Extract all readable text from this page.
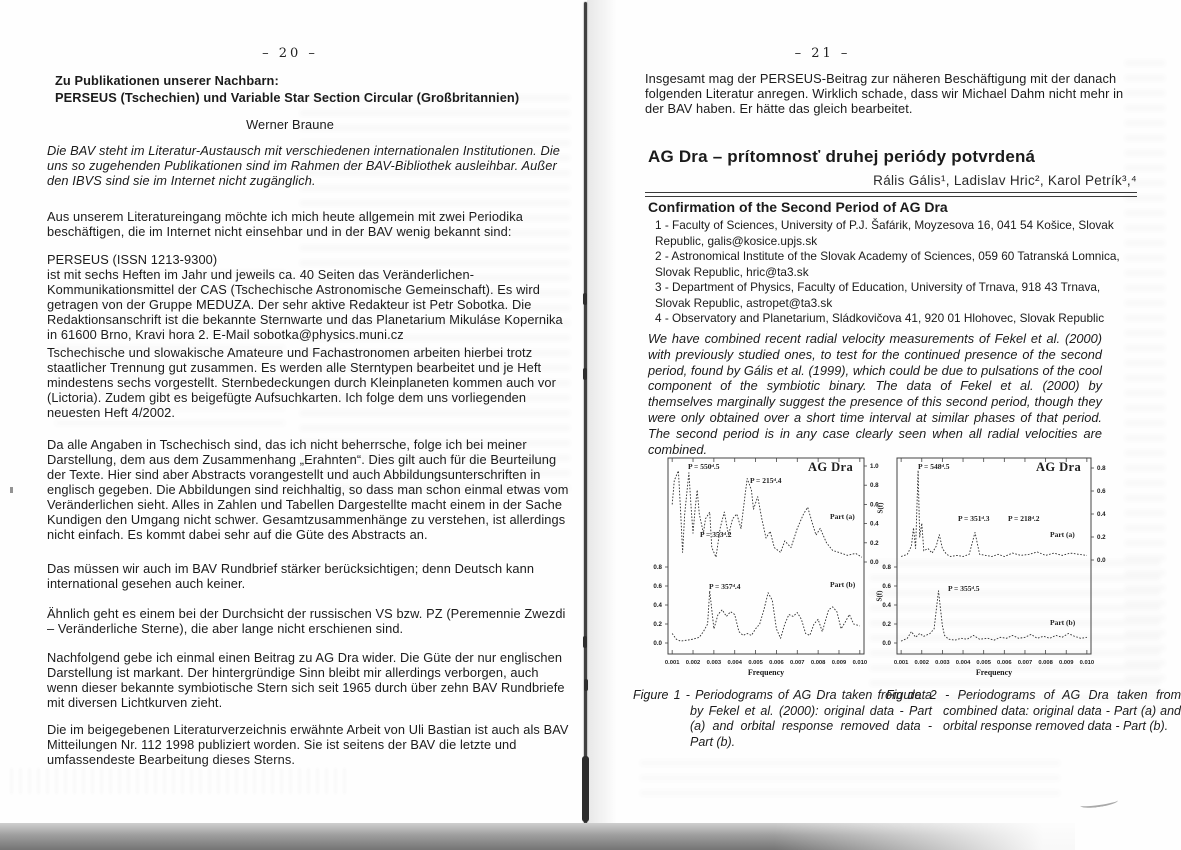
– 20 –
Zu Publikationen unserer Nachbarn:
PERSEUS (Tschechien) und Variable Star Section Circular (Großbritannien)
Werner Braune
Die BAV steht im Literatur-Austausch mit verschiedenen internationalen Institutionen. Die uns so zugehenden Publikationen sind im Rahmen der BAV-Bibliothek ausleihbar. Außer den IBVS sind sie im Internet nicht zugänglich.
Aus unserem Literatureingang möchte ich mich heute allgemein mit zwei Periodika beschäftigen, die im Internet nicht einsehbar und in der BAV wenig bekannt sind:
PERSEUS (ISSN 1213-9300)
ist mit sechs Heften im Jahr und jeweils ca. 40 Seiten das Veränderlichen-Kommunikationsmittel der CAS (Tschechische Astronomische Gemeinschaft). Es wird getragen von der Gruppe MEDUZA. Der sehr aktive Redakteur ist Petr Sobotka. Die Redaktionsanschrift ist die bekannte Sternwarte und das Planetarium Mikuláse Kopernika in 61600 Brno, Kravi hora 2. E-Mail sobotka@physics.muni.cz
Tschechische und slowakische Amateure und Fachastronomen arbeiten hierbei trotz staatlicher Trennung gut zusammen. Es werden alle Sterntypen bearbeitet und je Heft mindestens sechs vorgestellt. Sternbedeckungen durch Kleinplaneten kommen auch vor (Lictoria). Zudem gibt es beigefügte Aufsuchkarten. Ich folge dem uns vorliegenden neuesten Heft 4/2002.
Da alle Angaben in Tschechisch sind, das ich nicht beherrsche, folge ich bei meiner Darstellung, dem aus dem Zusammenhang „Erahnten“. Dies gilt auch für die Beurteilung der Texte. Hier sind aber Abstracts vorangestellt und auch Abbildungsunterschriften in englisch gegeben. Die Abbildungen sind reichhaltig, so dass man schon einmal etwas vom Veränderlichen sieht. Alles in Zahlen und Tabellen Dargestellte macht einem in der Sache Kundigen den Umgang nicht schwer. Gesamtzusammenhänge zu verstehen, ist allerdings nicht einfach. Es kommt dabei sehr auf die Güte des Abstracts an.
Das müssen wir auch im BAV Rundbrief stärker berücksichtigen; denn Deutsch kann international gesehen auch keiner.
Ähnlich geht es einem bei der Durchsicht der russischen VS bzw. PZ (Peremennie Zwezdi – Veränderliche Sterne), die aber lange nicht erschienen sind.
Nachfolgend gebe ich einmal einen Beitrag zu AG Dra wider. Die Güte der nur englischen Darstellung ist markant. Der hintergründige Sinn bleibt mir allerdings verborgen, auch wenn dieser bekannte symbiotische Stern sich seit 1965 durch über zehn BAV Rundbriefe mit diversen Lichtkurven zieht.
Die im beigegebenen Literaturverzeichnis erwähnte Arbeit von Uli Bastian ist auch als BAV Mitteilungen Nr. 112 1998 publiziert worden. Sie ist seitens der BAV die letzte und umfassendeste Bearbeitung dieses Sterns.
– 21 –
Insgesamt mag der PERSEUS-Beitrag zur näheren Beschäftigung mit der danach folgenden Literatur anregen. Wirklich schade, dass wir Michael Dahm nicht mehr in der BAV haben. Er hätte das gleich bearbeitet.
AG Dra – prítomnosť druhej periódy potvrdená
Rális Gális¹, Ladislav Hric², Karol Petrík³,⁴
Confirmation of the Second Period of AG Dra
1 - Faculty of Sciences, University of P.J. Šafárik, Moyzesova 16, 041 54 Košice, Slovak Republic, galis@kosice.upjs.sk
2 - Astronomical Institute of the Slovak Academy of Sciences, 059 60 Tatranská Lomnica, Slovak Republic, hric@ta3.sk
3 - Department of Physics, Faculty of Education, University of Trnava, 918 43 Trnava, Slovak Republic, astropet@ta3.sk
4 - Observatory and Planetarium, Sládkovičova 41, 920 01 Hlohovec, Slovak Republic
We have combined recent radial velocity measurements of Fekel et al. (2000) with previously studied ones, to test for the continued presence of the second period, found by Gális et al. (1999), which could be due to pulsations of the cool component of the symbiotic binary. The data of Fekel et al. (2000) by themselves marginally suggest the presence of this second period, though they were only obtained over a short time interval at similar phases of that period. The second period is in any case clearly seen when all radial velocities are combined.
0.001 0.002 0.003 0.004 0.005 0.006 0.007 0.008 0.009 0.010
Frequency
1.0
0.8
0.6
0.4
0.2
0.0
0.8
0.6
0.4
0.2
0.0
P = 550ᵈ.5
P = 215ᵈ.4
AG Dra
Part (a)
P = 353ᵈ.2
P = 357ᵈ.4	Part (b)
S(f)
0.001 0.002 0.003 0.004 0.005 0.006 0.007 0.008 0.009 0.010
Frequency
0.8
0.6
0.4
0.2
0.0
0.8
0.6
0.4
0.2
0.0
P = 548ᵈ.5	AG Dra
P = 351ᵈ.3 P = 218ᵈ.2
Part (a)
P = 355ᵈ.5
Part (b)
S(f)
Figure 1 - Periodograms of AG Dra taken from data by Fekel et al. (2000): original data - Part (a) and orbital response removed data - Part (b).
Figure 2 - Periodograms of AG Dra taken from combined data: original data - Part (a) and orbital response removed data - Part (b).
